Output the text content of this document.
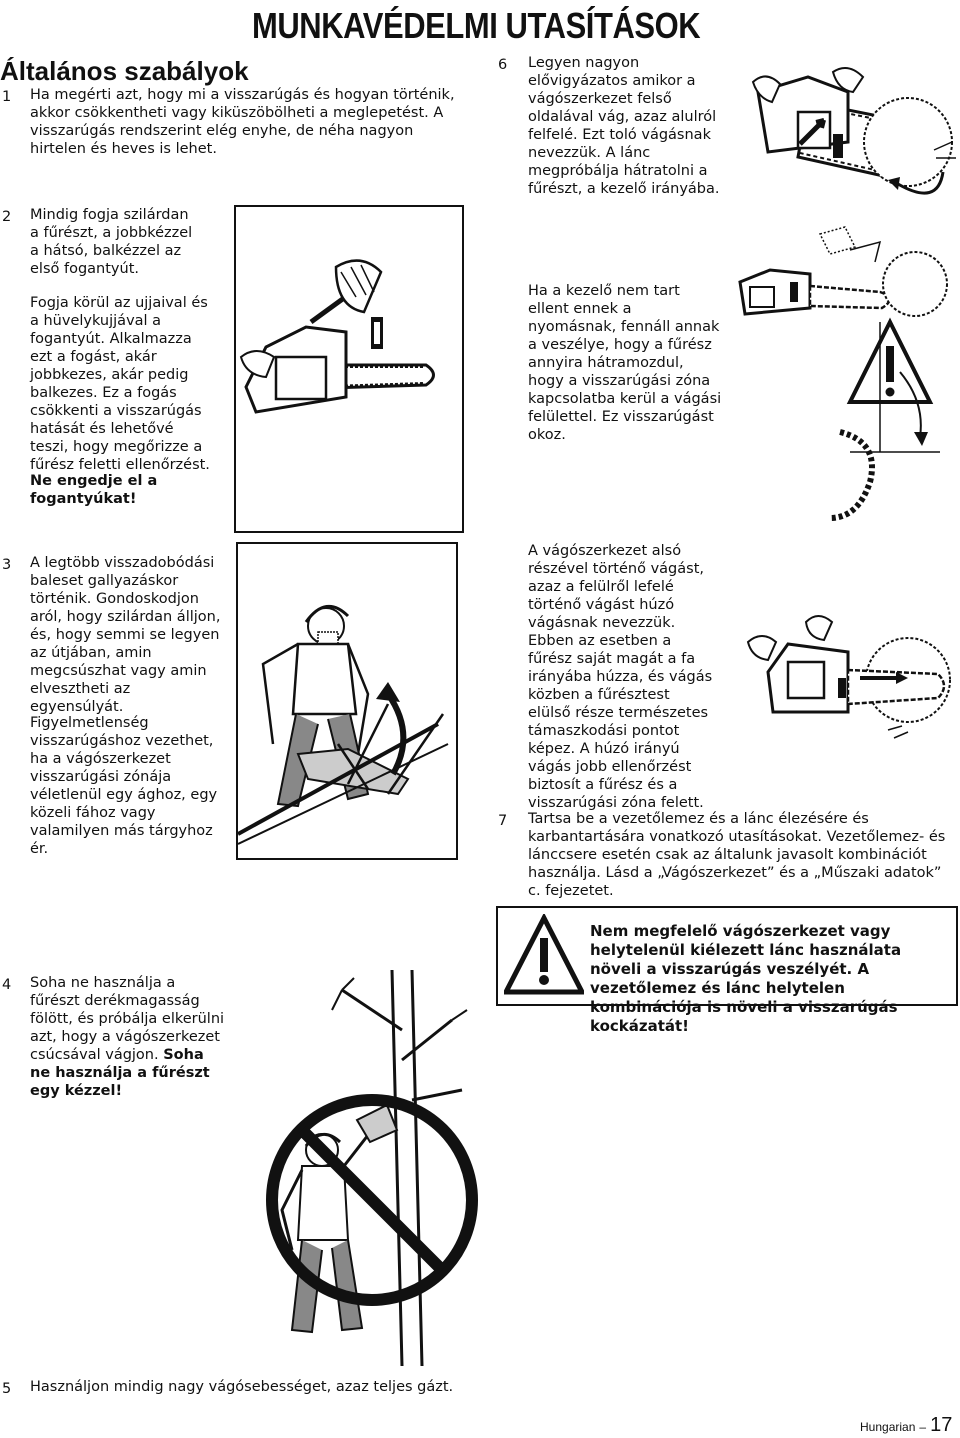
MUNKAVÉDELMI UTASÍTÁSOK
Általános szabályok
1	Ha megérti azt, hogy mi a visszarúgás és hogyan történik, akkor csökkentheti vagy kiküszöbölheti a meglepetést. A visszarúgás rendszerint elég enyhe, de néha nagyon hirtelen és heves is lehet.
6	Legyen nagyon elővigyázatos amikor a vágószerkezet felső oldalával vág, azaz alulról felfelé. Ezt toló vágásnak nevezzük. A lánc megpróbálja hátratolni a fűrészt, a kezelő irányába.
2	Mindig fogja szilárdan a fűrészt, a jobbkézzel a hátsó, balkézzel az első fogantyút.
Fogja körül az ujjaival és a hüvelykujjával a fogantyút. Alkalmazza ezt a fogást, akár jobbkezes, akár pedig balkezes. Ez a fogás csökkenti a visszarúgás hatását és lehetővé teszi, hogy megőrizze a fűrész feletti ellenőrzést.
Ne engedje el a fogantyúkat!
Ha a kezelő nem tart ellent ennek a nyomásnak, fennáll annak a veszélye, hogy a fűrész annyira hátramozdul, hogy a visszarúgási zóna kapcsolatba kerül a vágási felülettel. Ez visszarúgást okoz.
3	A legtöbb visszadobódási baleset gallyazáskor történik. Gondoskodjon aról, hogy szilárdan álljon, és, hogy semmi se legyen az útjában, amin megcsúszhat vagy amin elvesztheti az egyensúlyát.
Figyelmetlenség visszarúgáshoz vezethet, ha a vágószerkezet visszarúgási zónája véletlenül egy ághoz, egy közeli fához vagy valamilyen más tárgyhoz ér.
A vágószerkezet alsó részével történő vágást, azaz a felülről lefelé történő vágást húzó vágásnak nevezzük. Ebben az esetben a fűrész saját magát a fa irányába húzza, és vágás közben a fűrésztest elülső része természetes támaszkodási pontot képez. A húzó irányú vágás jobb ellenőrzést biztosít a fűrész és a visszarúgási zóna felett.
7	Tartsa be a vezetőlemez és a lánc élezésére és karbantartására vonatkozó utasításokat. Vezetőlemez- és lánccsere esetén csak az általunk javasolt kombinációt használja. Lásd a „Vágószerkezet” és a „Műszaki adatok” c. fejezetet.
Nem megfelelő vágószerkezet vagy helytelenül kiélezett lánc használata növeli a visszarúgás veszélyét. A vezetőlemez és lánc helytelen kombinációja is növeli a visszarúgás kockázatát!
4	Soha ne használja a fűrészt derékmagasság fölött, és próbálja elkerülni azt, hogy a vágószerkezet csúcsával vágjon. Soha ne használja a fűrészt egy kézzel!
5	Használjon mindig nagy vágósebességet, azaz teljes gázt.
Hungarian – 17
